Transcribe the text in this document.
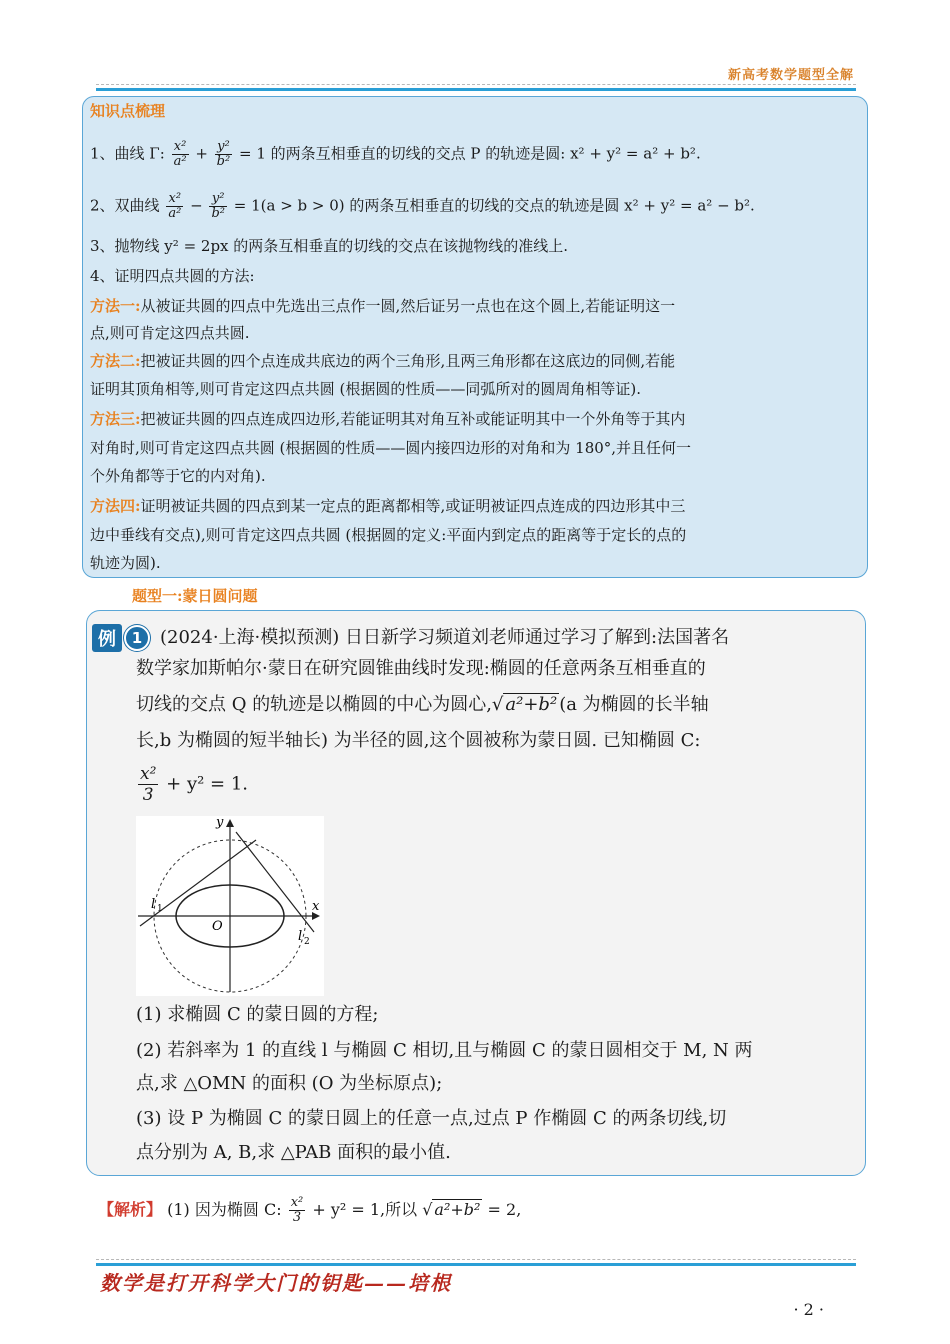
新高考数学题型全解
知识点梳理
1、曲线 Γ: $\frac{\text{x²}}{\text{a²}} + \frac{\text{y²}}{\text{b²}} = 1$ 的两条互相垂直的切线的交点 P 的轨迹是圆: x² + y² = a² + b².
2、双曲线 $\frac{\text{x²}}{\text{a²}} - \frac{\text{y²}}{\text{b²}} = 1(a > b > 0)$ 的两条互相垂直的切线的交点的轨迹是圆 x² + y² = a² − b².
3、抛物线 y² = 2px 的两条互相垂直的切线的交点在该抛物线的准线上.
4、证明四点共圆的方法:
方法一:从被证共圆的四点中先选出三点作一圆,然后证另一点也在这个圆上,若能证明这一
点,则可肯定这四点共圆.
方法二:把被证共圆的四个点连成共底边的两个三角形,且两三角形都在这底边的同侧,若能
证明其顶角相等,则可肯定这四点共圆 (根据圆的性质——同弧所对的圆周角相等证).
方法三:把被证共圆的四点连成四边形,若能证明其对角互补或能证明其中一个外角等于其内
对角时,则可肯定这四点共圆 (根据圆的性质——圆内接四边形的对角和为 180°,并且任何一
个外角都等于它的内对角).
方法四:证明被证共圆的四点到某一定点的距离都相等,或证明被证四点连成的四边形其中三
边中垂线有交点),则可肯定这四点共圆 (根据圆的定义:平面内到定点的距离等于定长的点的
轨迹为圆).
题型一:蒙日圆问题
例	1 (2024·上海·模拟预测) 日日新学习频道刘老师通过学习了解到:法国著名
数学家加斯帕尔·蒙日在研究圆锥曲线时发现:椭圆的任意两条互相垂直的
切线的交点 Q 的轨迹是以椭圆的中心为圆心,√ a²+b² (a 为椭圆的长半轴
长,b 为椭圆的短半轴长) 为半径的圆,这个圆被称为蒙日圆. 已知椭圆 C:
$\frac{\text{x²}}{3} + y^2 = 1$.
y
x
O
l 1
l 2
(1) 求椭圆 C 的蒙日圆的方程;
(2) 若斜率为 1 的直线 l 与椭圆 C 相切,且与椭圆 C 的蒙日圆相交于 M, N 两
点,求 △OMN 的面积 (O 为坐标原点);
(3) 设 P 为椭圆 C 的蒙日圆上的任意一点,过点 P 作椭圆 C 的两条切线,切
点分别为 A, B,求 △PAB 面积的最小值.
【解析】 (1) 因为椭圆 C: $\frac{\text{x²}}{3} + y^2 = 1$,所以 √ a²+b² = 2,
数学是打开科学大门的钥匙——培根
· 2 ·
